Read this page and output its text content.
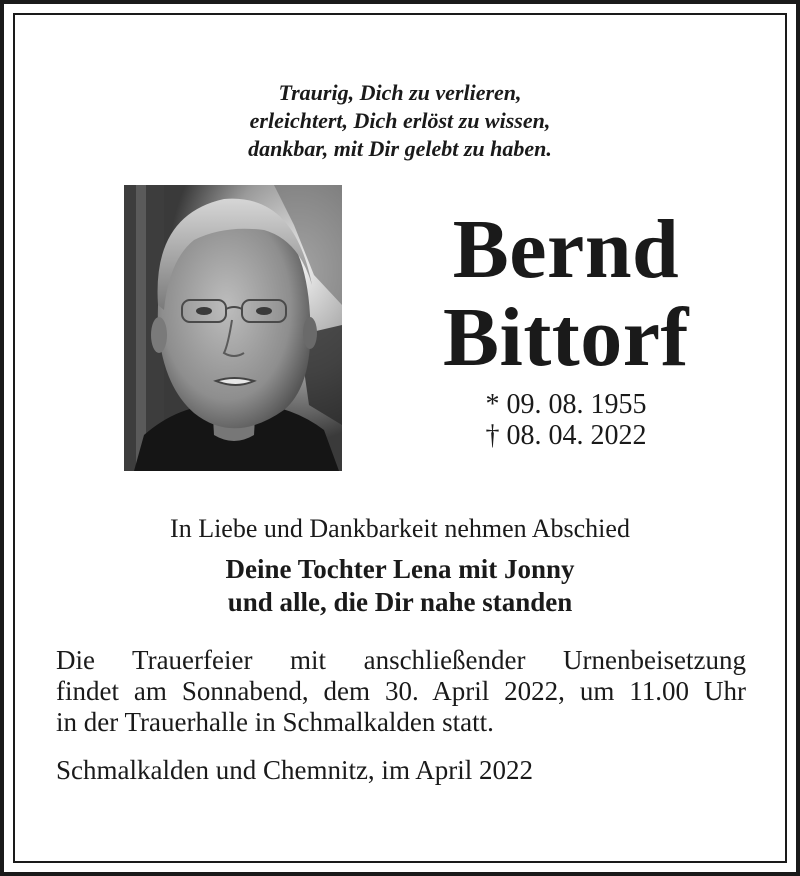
Traurig, Dich zu verlieren,
erleichtert, Dich erlöst zu wissen,
dankbar, mit Dir gelebt zu haben.
Bernd
Bittorf
* 09. 08. 1955
† 08. 04. 2022
In Liebe und Dankbarkeit nehmen Abschied
Deine Tochter Lena mit Jonny
und alle, die Dir nahe standen
Die Trauerfeier mit anschließender Urnenbeisetzung
findet am Sonnabend, dem 30. April 2022, um 11.00 Uhr
in der Trauerhalle in Schmalkalden statt.
Schmalkalden und Chemnitz, im April 2022
